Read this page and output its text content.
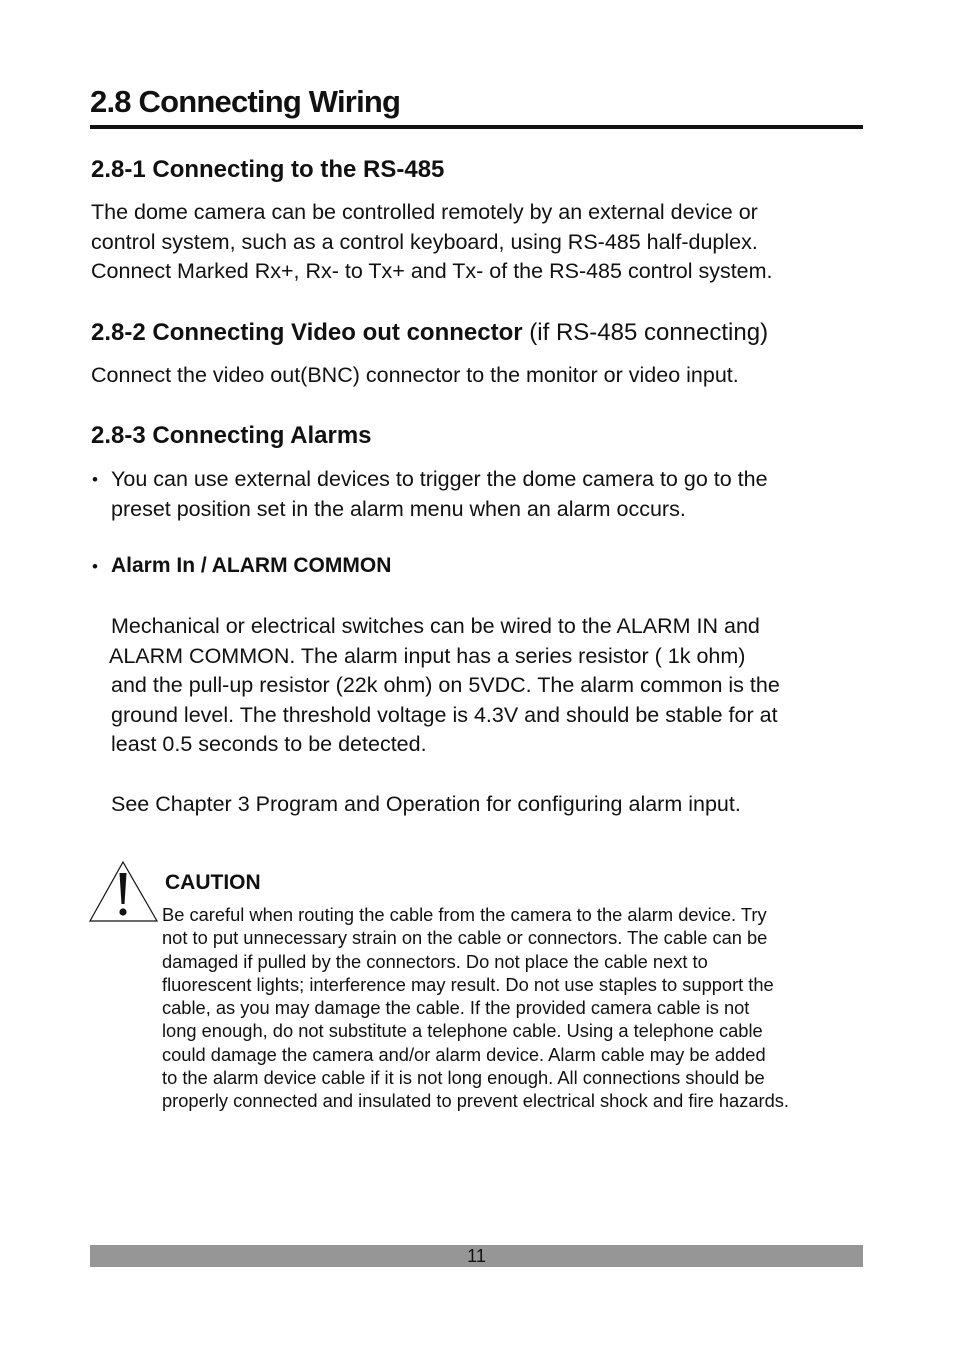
2.8 Connecting Wiring
2.8-1 Connecting to the RS-485
The dome camera can be controlled remotely by an external device or
control system, such as a control keyboard, using RS-485 half-duplex.
Connect Marked Rx+, Rx- to Tx+ and Tx- of the RS-485 control system.
2.8-2 Connecting Video out connector (if RS-485 connecting)
Connect the video out(BNC) connector to the monitor or video input.
2.8-3 Connecting Alarms
• You can use external devices to trigger the dome camera to go to the
preset position set in the alarm menu when an alarm occurs.
• Alarm In / ALARM COMMON
Mechanical or electrical switches can be wired to the ALARM IN and
ALARM COMMON. The alarm input has a series resistor ( 1k ohm)
and the pull-up resistor (22k ohm) on 5VDC. The alarm common is the
ground level. The threshold voltage is 4.3V and should be stable for at
least 0.5 seconds to be detected.
See Chapter 3 Program and Operation for configuring alarm input.
CAUTION
Be careful when routing the cable from the camera to the alarm device. Try
not to put unnecessary strain on the cable or connectors. The cable can be
damaged if pulled by the connectors. Do not place the cable next to
fluorescent lights; interference may result. Do not use staples to support the
cable, as you may damage the cable. If the provided camera cable is not
long enough, do not substitute a telephone cable. Using a telephone cable
could damage the camera and/or alarm device. Alarm cable may be added
to the alarm device cable if it is not long enough. All connections should be
properly connected and insulated to prevent electrical shock and fire hazards.
11
